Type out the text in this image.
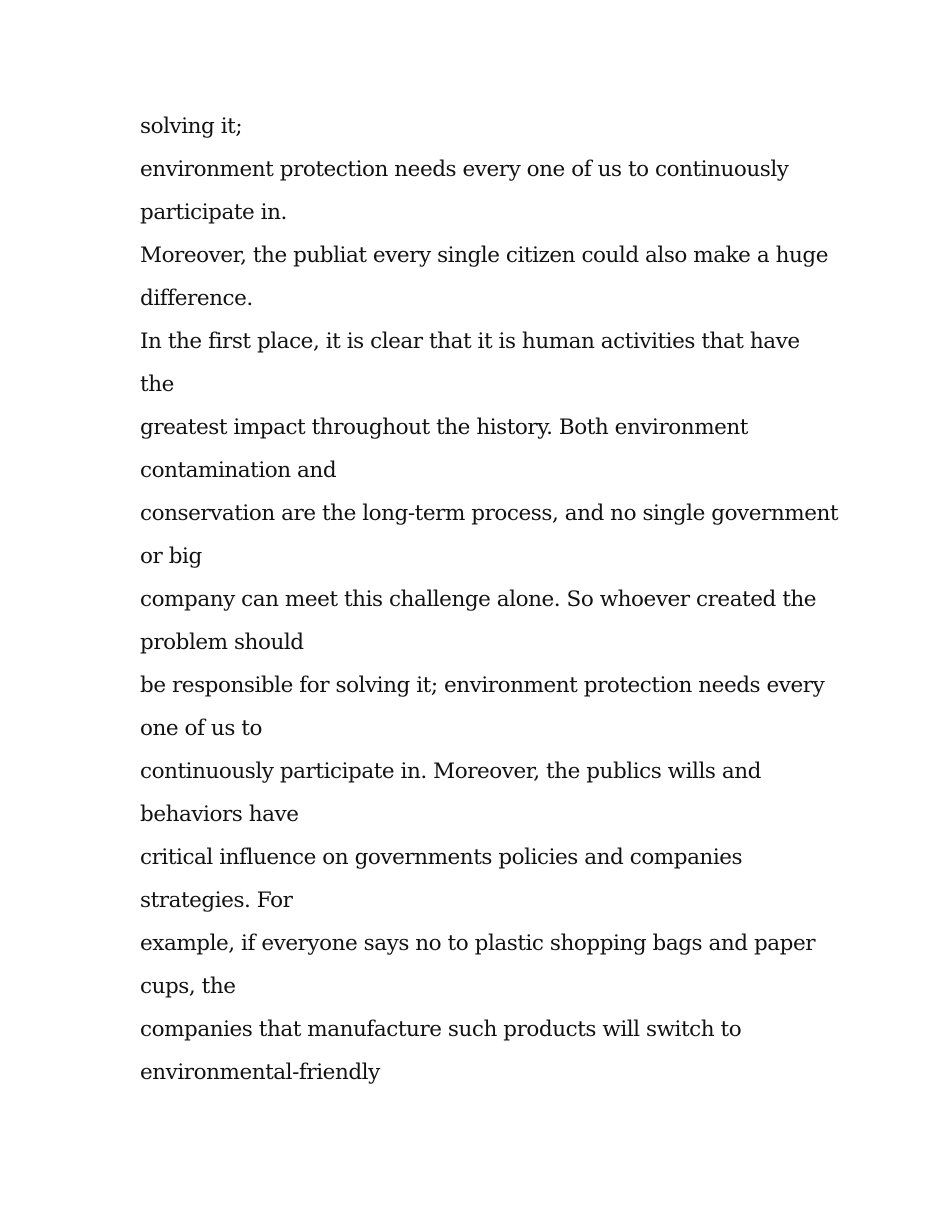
solving it;
environment protection needs every one of us to continuously
participate in.
Moreover, the publiat every single citizen could also make a huge
difference.
In the first place, it is clear that it is human activities that have
the
greatest impact throughout the history. Both environment
contamination and
conservation are the long-term process, and no single government
or big
company can meet this challenge alone. So whoever created the
problem should
be responsible for solving it; environment protection needs every
one of us to
continuously participate in. Moreover, the publics wills and
behaviors have
critical influence on governments policies and companies
strategies. For
example, if everyone says no to plastic shopping bags and paper
cups, the
companies that manufacture such products will switch to
environmental-friendly
